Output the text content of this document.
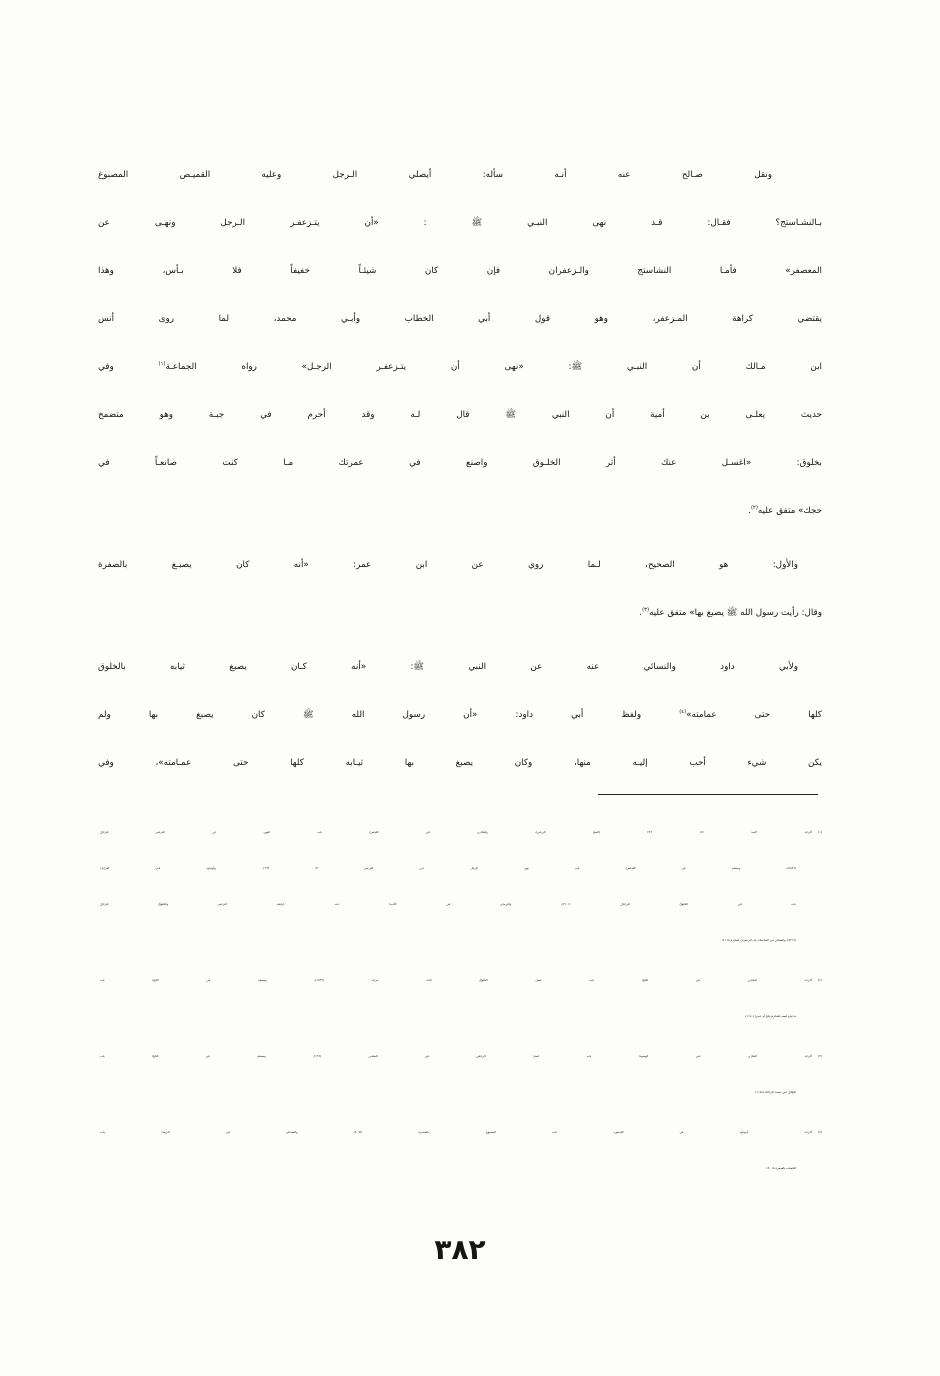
ونقل صـالح عنه أنـه سأله: أيصلي الـرجل وعليه القميـص المصبوغ
بـالنشـاستج؟ فقـال: قـد نهى النبـي ﷺ : «أن يتـزعفـر الـرجل ونهـى عن
المعصفر» فأمـا النشاستج والـزعفران فإن كان شيئـاً خفيفاً فلا بـأس، وهذا
يقتضي كراهة المـزعفر، وهو قول أبي الخطاب وأبـي محمد، لما روى أنس
ابن مـالك أن النبـي ﷺ: «نهى أن يتـزعفـر الرجـل» رواه الجماعـة$^{(١)}$ وفي
حديث يعلـى بن أمية أن النبي ﷺ قال لـه وقد أحرم في جبـة وهو متضمخ
بخلوق: «اغسـل عنك أثر الخلـوق واصنع في عمرتك مـا كنت صانعـاً في
حجك» متفق عليه$^{(٢)}$.
والأول: هو الصحيح، لـما روي عن ابن عمر: «أنه كان يصبـغ بالصفرة
وقال: رأيت رسول الله ﷺ يصبغ بها» متفق عليه$^{(٣)}$.
ولأبي داود والنسائي عنه عن النبي ﷺ: «أنه كـان يصبغ ثيابه بالخلوق
كلها حتى عمامته»$^{(٤)}$ ولفظ أبي داود: «أن رسول الله ﷺ كان يصبغ بها ولم
يكن شيء أحب إليـه منها، وكان يصبغ بها ثيـابه كلها حتى عمـامته»، وفي
(١)أخرجه أحمد ١٧/ ٢٤٦ (الفتح الرباني)، والبخاري في اللباس/ باب النهي عن التزعفر للرجال
(٥٨٤٦)، ومسلم في اللبـاس/ باب نهي الرجل عـن التزعفر ٣/ ١٦٦٢، وأبوداود فـي الترجل/
باب في الخلوق للرجـال (٢١٠١)، والترمذي في الأدب/ باب كراهية التزعفر والخلوق للرجال
(٨٢١٦)، والنسائي في المناسك/ باب الزعفران للمحرم ٥/ ١٤١.
(٢)أخرجه البخاري في الحج/ باب غسل الخلوق ثلاث مرات (١٥٣٦)، ومسلم في الحج/ باب
ما يباح لبسه للمحرم بحج أو عمرة (١١٨٠).
(٣)أخرجه البخاري فـي الوضوء/ باب غسل الرجلين في النعليـن (١٦٦)، ومسلم في الحج/ باب
الإهلال حين تنبعث الراحلة (١١٨٧).
(٤)أخرجه أبـوداود في اللبـاس/ بـاب المصبوغ بـالصفـرة (٤٠٦٤) والنسـائي في الـزينة/ بـاب
الخضاب بالصفرة ٨/ ١٤٠.
٣٨٢
